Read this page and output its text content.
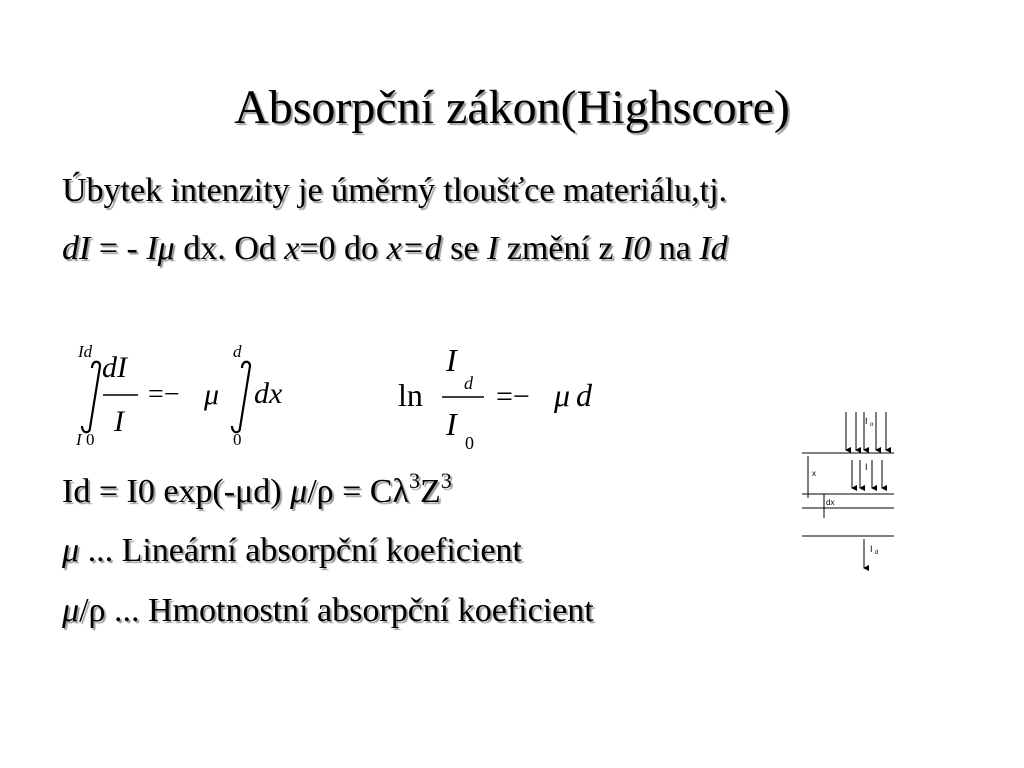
Absorpční zákon(Highscore)
Úbytek intenzity je úměrný tloušťce materiálu,tj.
dI = - Iμ dx. Od x=0 do x=d se I změní z I0 na Id
Id
I 0
dI
I
=− μ
d
0
dx	ln
I
d
I
0
=− μ d
Id = I0 exp(-μd) $\mu/\rho = C\lambda^3Z^3$
μ ... Lineární absorpční koeficient
μ/ρ ... Hmotnostní absorpční koeficient
I o
x
I
dx
I d
